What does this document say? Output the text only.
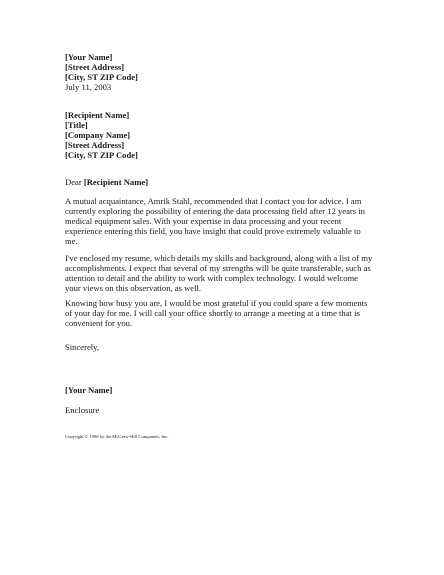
[Your Name]
[Street Address]
[City, ST ZIP Code]
July 11, 2003
[Recipient Name]
[Title]
[Company Name]
[Street Address]
[City, ST ZIP Code]
Dear [Recipient Name]
A mutual acquaintance, Amrik Stahl, recommended that I contact you for advice. I am
currently exploring the possibility of entering the data processing field after 12 years in
medical equipment sales. With your expertise in data processing and your recent
experience entering this field, you have insight that could prove extremely valuable to
me.
I've enclosed my resume, which details my skills and background, along with a list of my
accomplishments. I expect that several of my strengths will be quite transferable, such as
attention to detail and the ability to work with complex technology. I would welcome
your views on this observation, as well.
Knowing how busy you are, I would be most grateful if you could spare a few moments
of your day for me. I will call your office shortly to arrange a meeting at a time that is
convenient for you.
Sincerely,
[Your Name]
Enclosure
Copyright © 1996 by the McGraw-Hill Companies, Inc.
